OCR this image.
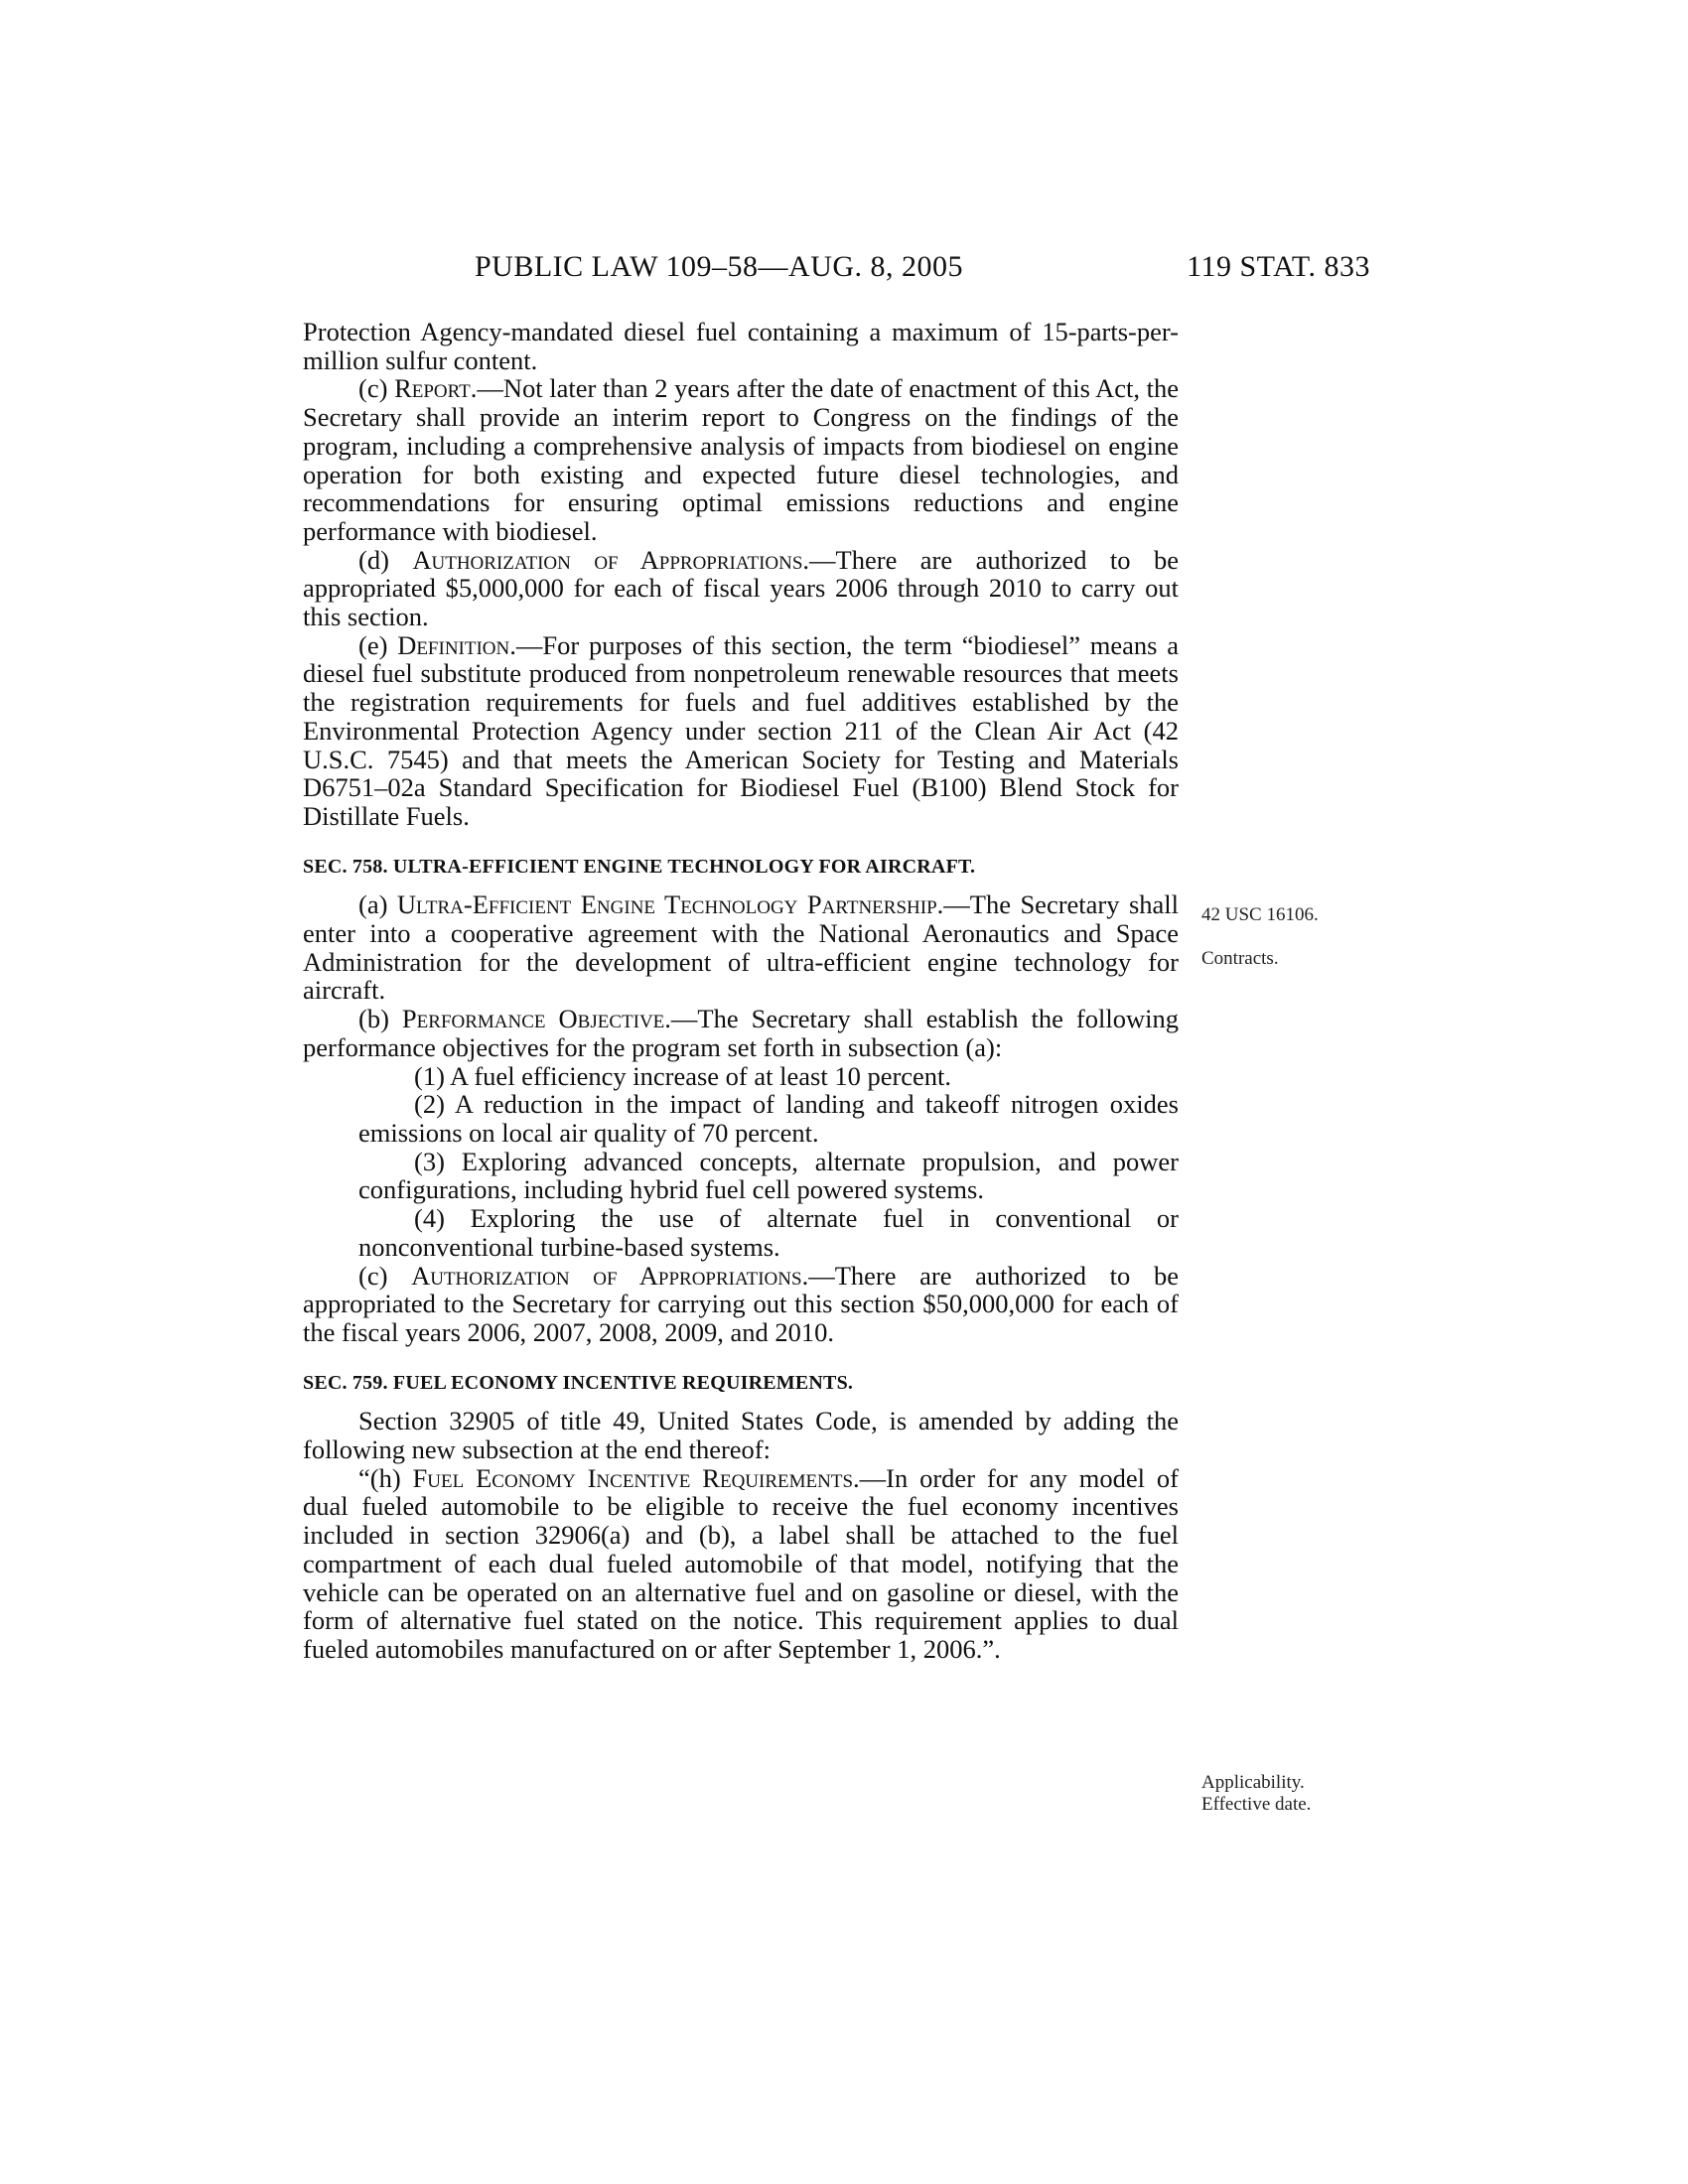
PUBLIC LAW 109–58—AUG. 8, 2005	119 STAT. 833

Protection Agency-mandated diesel fuel containing a maximum of 15-parts-per-million sulfur content.

(c) Report.—Not later than 2 years after the date of enactment of this Act, the Secretary shall provide an interim report to Congress on the findings of the program, including a comprehensive analysis of impacts from biodiesel on engine operation for both existing and expected future diesel technologies, and recommendations for ensuring optimal emissions reductions and engine performance with biodiesel.

(d) Authorization of Appropriations.—There are authorized to be appropriated $5,000,000 for each of fiscal years 2006 through 2010 to carry out this section.

(e) Definition.—For purposes of this section, the term “biodiesel” means a diesel fuel substitute produced from nonpetroleum renewable resources that meets the registration requirements for fuels and fuel additives established by the Environmental Protection Agency under section 211 of the Clean Air Act (42 U.S.C. 7545) and that meets the American Society for Testing and Materials D6751–02a Standard Specification for Biodiesel Fuel (B100) Blend Stock for Distillate Fuels.

SEC. 758. ULTRA-EFFICIENT ENGINE TECHNOLOGY FOR AIRCRAFT.

(a) Ultra-Efficient Engine Technology Partnership.—The Secretary shall enter into a cooperative agreement with the National Aeronautics and Space Administration for the development of ultra-efficient engine technology for aircraft.

(b) Performance Objective.—The Secretary shall establish the following performance objectives for the program set forth in subsection (a):

(1) A fuel efficiency increase of at least 10 percent.

(2) A reduction in the impact of landing and takeoff nitrogen oxides emissions on local air quality of 70 percent.

(3) Exploring advanced concepts, alternate propulsion, and power configurations, including hybrid fuel cell powered systems.

(4) Exploring the use of alternate fuel in conventional or nonconventional turbine-based systems.

(c) Authorization of Appropriations.—There are authorized to be appropriated to the Secretary for carrying out this section $50,000,000 for each of the fiscal years 2006, 2007, 2008, 2009, and 2010.

SEC. 759. FUEL ECONOMY INCENTIVE REQUIREMENTS.

Section 32905 of title 49, United States Code, is amended by adding the following new subsection at the end thereof:

“(h) Fuel Economy Incentive Requirements.—In order for any model of dual fueled automobile to be eligible to receive the fuel economy incentives included in section 32906(a) and (b), a label shall be attached to the fuel compartment of each dual fueled automobile of that model, notifying that the vehicle can be operated on an alternative fuel and on gasoline or diesel, with the form of alternative fuel stated on the notice. This requirement applies to dual fueled automobiles manufactured on or after September 1, 2006.”.

42 USC 16106.
Contracts.
Applicability.
Effective date.
